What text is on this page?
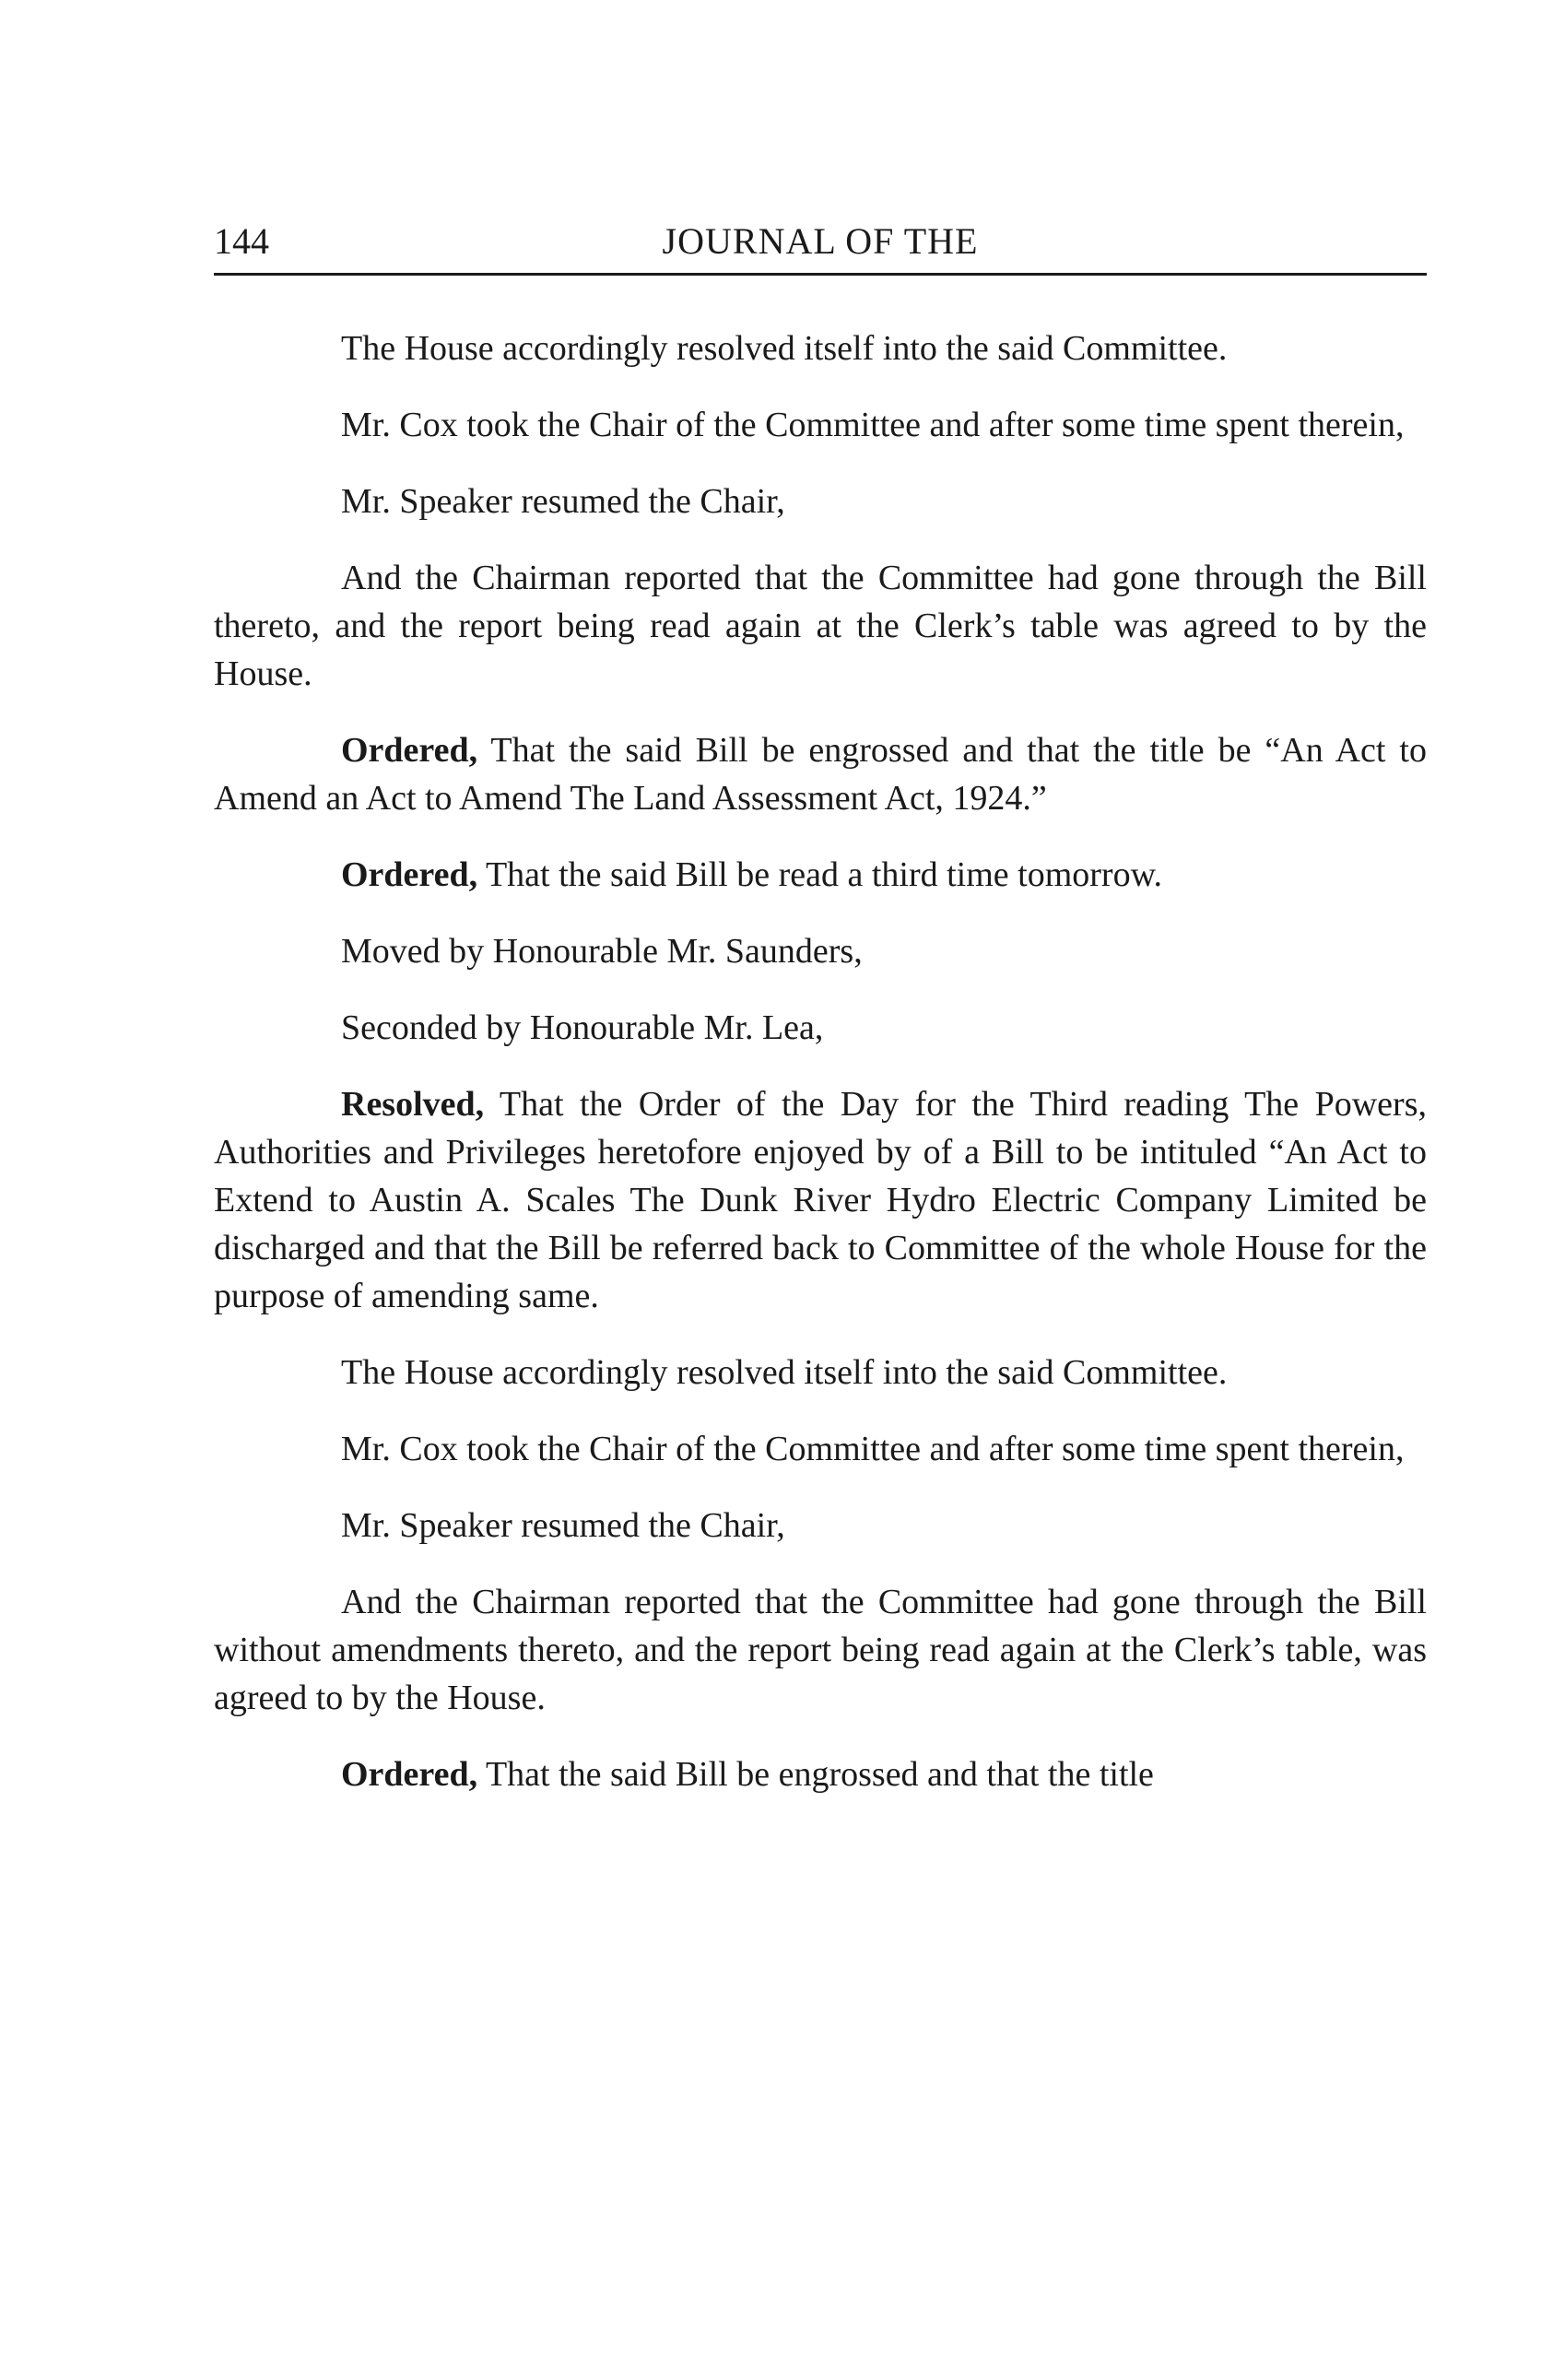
144	JOURNAL OF THE

The House accordingly resolved itself into the said Committee.

Mr. Cox took the Chair of the Committee and after some time spent therein,

Mr. Speaker resumed the Chair,

And the Chairman reported that the Committee had gone through the Bill thereto, and the report being read again at the Clerk’s table was agreed to by the House.

Ordered, That the said Bill be engrossed and that the title be “An Act to Amend an Act to Amend The Land Assessment Act, 1924.”

Ordered, That the said Bill be read a third time tomorrow.

Moved by Honourable Mr. Saunders,

Seconded by Honourable Mr. Lea,

Resolved, That the Order of the Day for the Third reading The Powers, Authorities and Privileges heretofore enjoyed by of a Bill to be intituled “An Act to Extend to Austin A. Scales The Dunk River Hydro Electric Company Limited be discharged and that the Bill be referred back to Committee of the whole House for the purpose of amending same.

The House accordingly resolved itself into the said Committee.

Mr. Cox took the Chair of the Committee and after some time spent therein,

Mr. Speaker resumed the Chair,

And the Chairman reported that the Committee had gone through the Bill without amendments thereto, and the report being read again at the Clerk’s table, was agreed to by the House.

Ordered, That the said Bill be engrossed and that the title
